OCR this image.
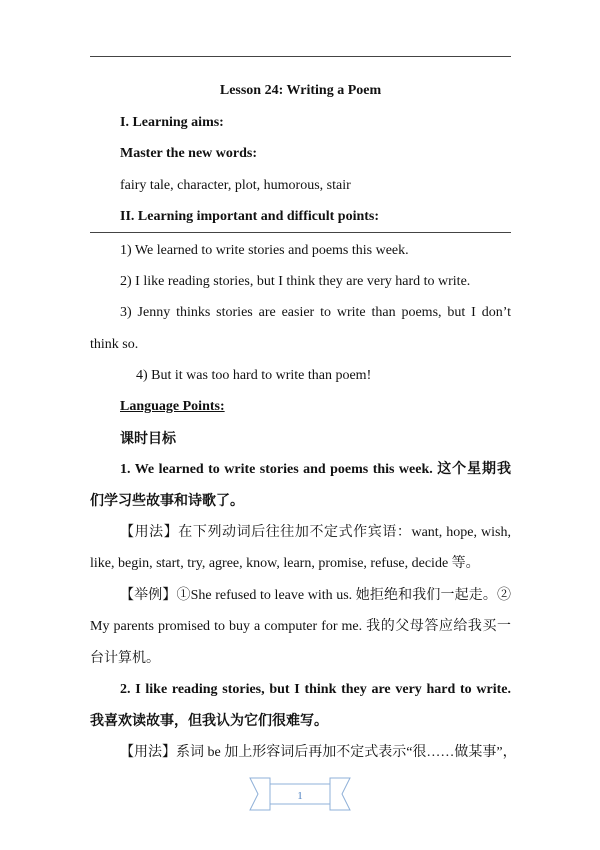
Lesson 24: Writing a Poem
I. Learning aims:
Master the new words:
fairy tale, character, plot, humorous, stair
II. Learning important and difficult points:
1) We learned to write stories and poems this week.
2) I like reading stories, but I think they are very hard to write.
3) Jenny thinks stories are easier to write than poems, but I don’t
think so.
4) But it was too hard to write than poem!
Language Points:
课时目标
1. We learned to write stories and poems this week. 这个星期我
们学习些故事和诗歌了。
【用法】在下列动词后往往加不定式作宾语：want, hope, wish,
like, begin, start, try, agree, know, learn, promise, refuse, decide 等。
【举例】①She refused to leave with us. 她拒绝和我们一起走。②
My parents promised to buy a computer for me. 我的父母答应给我买一
台计算机。
2. I like reading stories, but I think they are very hard to write.
我喜欢读故事，但我认为它们很难写。
【用法】系词 be 加上形容词后再加不定式表示“很……做某事”，
1
